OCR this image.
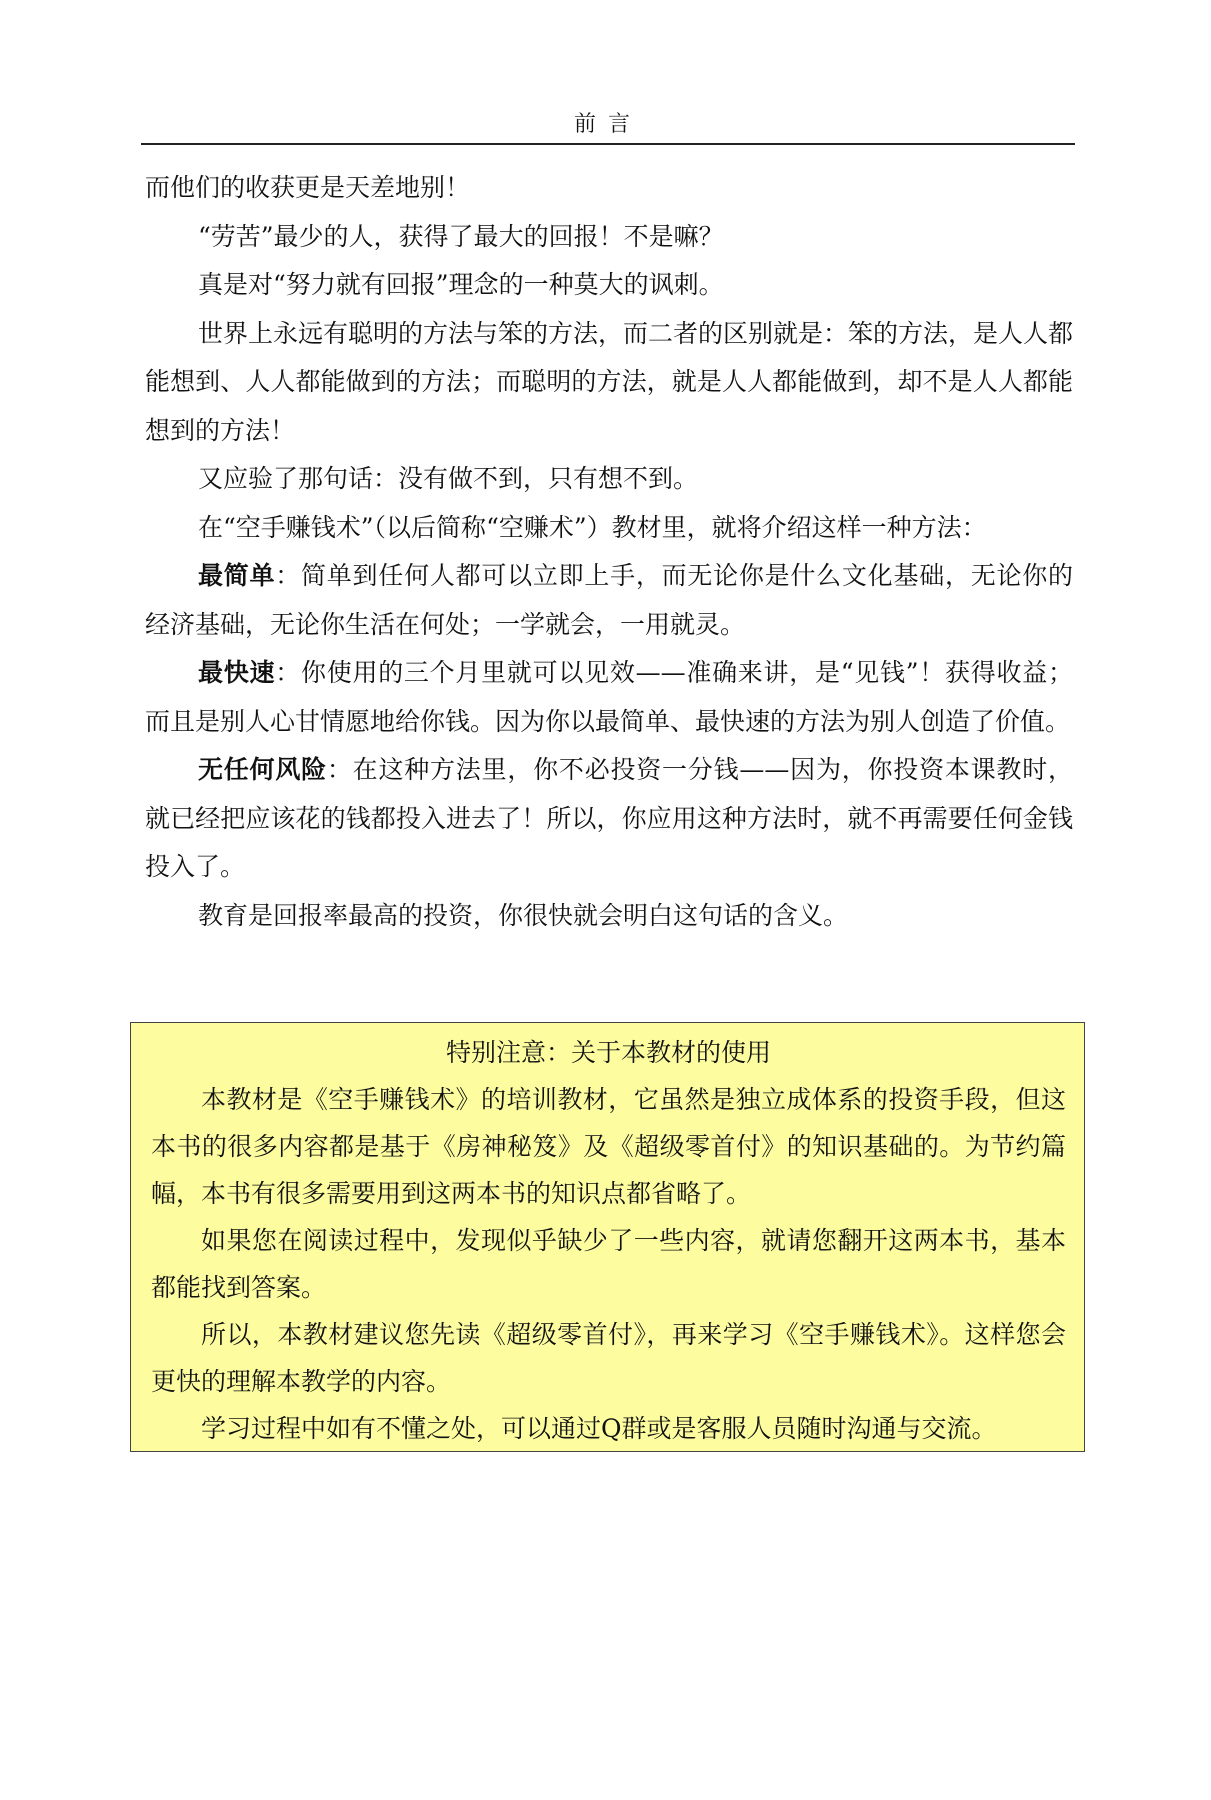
前言

而他们的收获更是天差地别！

“劳苦”最少的人，获得了最大的回报！不是嘛？

真是对“努力就有回报”理念的一种莫大的讽刺。

世界上永远有聪明的方法与笨的方法，而二者的区别就是：笨的方法，是人人都能想到、人人都能做到的方法；而聪明的方法，就是人人都能做到，却不是人人都能想到的方法！

又应验了那句话：没有做不到，只有想不到。

在“空手赚钱术”（以后简称“空赚术”）教材里，就将介绍这样一种方法：

最简单：简单到任何人都可以立即上手，而无论你是什么文化基础，无论你的经济基础，无论你生活在何处；一学就会，一用就灵。

最快速：你使用的三个月里就可以见效——准确来讲，是“见钱”！获得收益；而且是别人心甘情愿地给你钱。因为你以最简单、最快速的方法为别人创造了价值。

无任何风险：在这种方法里，你不必投资一分钱——因为，你投资本课教时，就已经把应该花的钱都投入进去了！所以，你应用这种方法时，就不再需要任何金钱投入了。

教育是回报率最高的投资，你很快就会明白这句话的含义。

特别注意：关于本教材的使用

本教材是《空手赚钱术》的培训教材，它虽然是独立成体系的投资手段，但这本书的很多内容都是基于《房神秘笈》及《超级零首付》的知识基础的。为节约篇幅，本书有很多需要用到这两本书的知识点都省略了。

如果您在阅读过程中，发现似乎缺少了一些内容，就请您翻开这两本书，基本都能找到答案。

所以，本教材建议您先读《超级零首付》，再来学习《空手赚钱术》。这样您会更快的理解本教学的内容。

学习过程中如有不懂之处，可以通过Q群或是客服人员随时沟通与交流。
